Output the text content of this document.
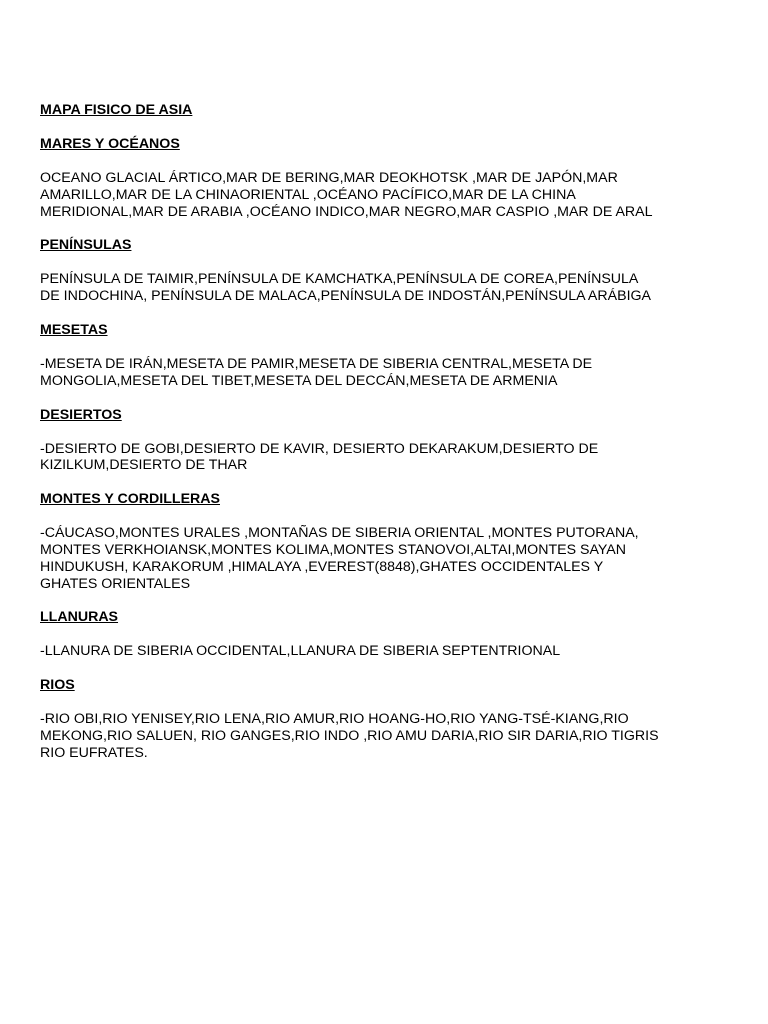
MAPA FISICO DE ASIA
MARES Y OCÉANOS
OCEANO GLACIAL ÁRTICO,MAR DE BERING,MAR DEOKHOTSK ,MAR DE JAPÓN,MAR
AMARILLO,MAR DE LA CHINAORIENTAL ,OCÉANO PACÍFICO,MAR DE LA CHINA
MERIDIONAL,MAR DE ARABIA ,OCÉANO INDICO,MAR NEGRO,MAR CASPIO ,MAR DE ARAL
PENÍNSULAS
PENÍNSULA DE TAIMIR,PENÍNSULA DE KAMCHATKA,PENÍNSULA DE COREA,PENÍNSULA
DE INDOCHINA, PENÍNSULA DE MALACA,PENÍNSULA DE INDOSTÁN,PENÍNSULA ARÁBIGA
MESETAS
-MESETA DE IRÁN,MESETA DE PAMIR,MESETA DE SIBERIA CENTRAL,MESETA DE
MONGOLIA,MESETA DEL TIBET,MESETA DEL DECCÁN,MESETA DE ARMENIA
DESIERTOS
-DESIERTO DE GOBI,DESIERTO DE KAVIR, DESIERTO DEKARAKUM,DESIERTO DE
KIZILKUM,DESIERTO DE THAR
MONTES Y CORDILLERAS
-CÁUCASO,MONTES URALES ,MONTAÑAS DE SIBERIA ORIENTAL ,MONTES PUTORANA,
MONTES VERKHOIANSK,MONTES KOLIMA,MONTES STANOVOI,ALTAI,MONTES SAYAN
HINDUKUSH, KARAKORUM ,HIMALAYA ,EVEREST(8848),GHATES OCCIDENTALES Y
GHATES ORIENTALES
LLANURAS
-LLANURA DE SIBERIA OCCIDENTAL,LLANURA DE SIBERIA SEPTENTRIONAL
RIOS
-RIO OBI,RIO YENISEY,RIO LENA,RIO AMUR,RIO HOANG-HO,RIO YANG-TSÉ-KIANG,RIO
MEKONG,RIO SALUEN, RIO GANGES,RIO INDO ,RIO AMU DARIA,RIO SIR DARIA,RIO TIGRIS
RIO EUFRATES.
